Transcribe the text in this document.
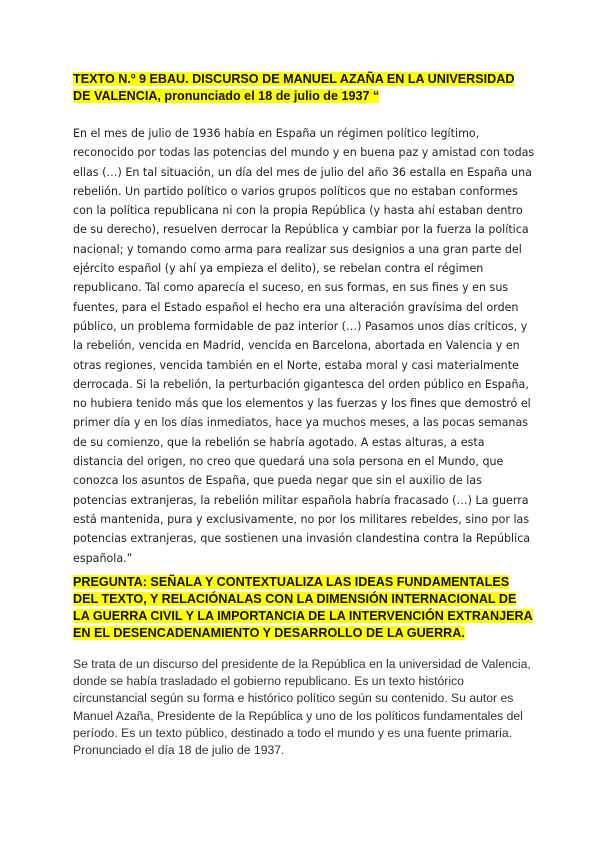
TEXTO N.º 9 EBAU. DISCURSO DE MANUEL AZAÑA EN LA UNIVERSIDAD DE VALENCIA, pronunciado el 18 de julio de 1937 “

En el mes de julio de 1936 había en España un régimen político legítimo, reconocido por todas las potencias del mundo y en buena paz y amistad con todas ellas (…) En tal situación, un día del mes de julio del año 36 estalla en España una rebelión. Un partido político o varios grupos políticos que no estaban conformes con la política republicana ni con la propia República (y hasta ahí estaban dentro de su derecho), resuelven derrocar la República y cambiar por la fuerza la política nacional; y tomando como arma para realizar sus designios a una gran parte del ejército español (y ahí ya empieza el delito), se rebelan contra el régimen republicano. Tal como aparecía el suceso, en sus formas, en sus fines y en sus fuentes, para el Estado español el hecho era una alteración gravísima del orden público, un problema formidable de paz interior (…) Pasamos unos días críticos, y la rebelión, vencida en Madrid, vencida en Barcelona, abortada en Valencia y en otras regiones, vencida también en el Norte, estaba moral y casi materialmente derrocada. Si la rebelión, la perturbación gigantesca del orden público en España, no hubiera tenido más que los elementos y las fuerzas y los fines que demostró el primer día y en los días inmediatos, hace ya muchos meses, a las pocas semanas de su comienzo, que la rebelión se habría agotado. A estas alturas, a esta distancia del origen, no creo que quedará una sola persona en el Mundo, que conozca los asuntos de España, que pueda negar que sin el auxilio de las potencias extranjeras, la rebelión militar española habría fracasado (…) La guerra está mantenida, pura y exclusivamente, no por los militares rebeldes, sino por las potencias extranjeras, que sostienen una invasión clandestina contra la República española.”

PREGUNTA: SEÑALA Y CONTEXTUALIZA LAS IDEAS FUNDAMENTALES DEL TEXTO, Y RELACIÓNALAS CON LA DIMENSIÓN INTERNACIONAL DE LA GUERRA CIVIL Y LA IMPORTANCIA DE LA INTERVENCIÓN EXTRANJERA EN EL DESENCADENAMIENTO Y DESARROLLO DE LA GUERRA.

Se trata de un discurso del presidente de la República en la universidad de Valencia, donde se había trasladado el gobierno republicano. Es un texto histórico circunstancial según su forma e histórico político según su contenido. Su autor es Manuel Azaña, Presidente de la República y uno de los políticos fundamentales del período. Es un texto público, destinado a todo el mundo y es una fuente primaria. Pronunciado el día 18 de julio de 1937.
